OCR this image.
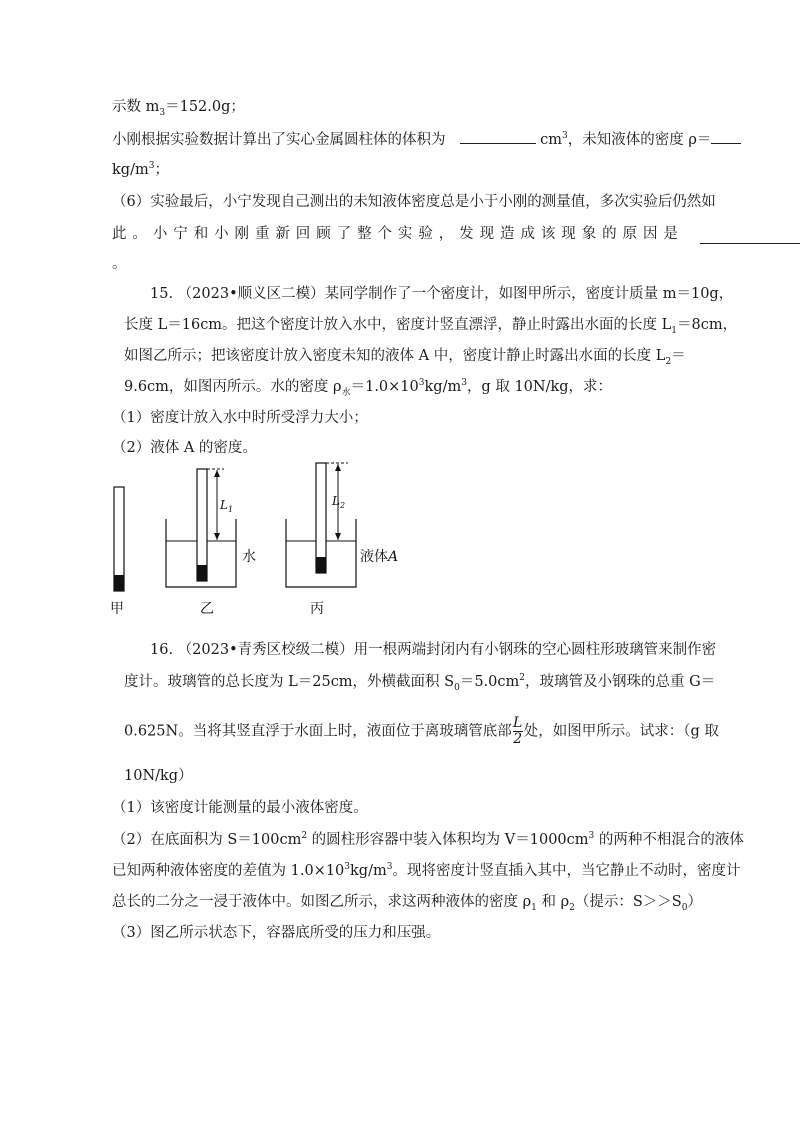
示数 $m_3=152.0g$；
小刚根据实验数据计算出了实心金属圆柱体的体积为	$cm^3$，未知液体的密度 ρ＝
$kg/m^3$；
（6）实验最后，小宁发现自己测出的未知液体密度总是小于小刚的测量值，多次实验后仍然如
此 。 小 宁 和 小 刚 重 新 回 顾 了 整 个 实 验 ， 发 现 造 成 该 现 象 的 原 因 是
。
15. （2023•顺义区二模）某同学制作了一个密度计，如图甲所示，密度计质量 m＝10g，
长度 L＝16cm。把这个密度计放入水中，密度计竖直漂浮，静止时露出水面的长度 $L_1=8cm$，
如图乙所示；把该密度计放入密度未知的液体 A 中，密度计静止时露出水面的长度 $L_2=$
9.6cm，如图丙所示。水的密度 $\rho_水=1.0\times 10^3kg/m^3$，g 取 10N/kg，求：
（1）密度计放入水中时所受浮力大小；
（2）液体 A 的密度。
甲
$L_1$
水
乙
$L_2$
液体A
丙
16. （2023•青秀区校级二模）用一根两端封闭内有小钢珠的空心圆柱形玻璃管来制作密
度计。玻璃管的总长度为 L＝25cm，外横截面积 $S_0=5.0cm^2$，玻璃管及小钢珠的总重 G＝
0.625N。当将其竖直浮于水面上时，液面位于离玻璃管底部 $\frac{L}{2}$ 处，如图甲所示。试求：（g 取
10N/kg）
（1）该密度计能测量的最小液体密度。
（2）在底面积为 $S=100cm^2$ 的圆柱形容器中装入体积均为 $V=1000cm^3$ 的两种不相混合的液体
已知两种液体密度的差值为 $1.0\times 10^3kg/m^3$。现将密度计竖直插入其中，当它静止不动时，密度计
总长的二分之一浸于液体中。如图乙所示，求这两种液体的密度 $\rho_1$ 和 $\rho_2$（提示：$S>>S_0$）
（3）图乙所示状态下，容器底所受的压力和压强。
